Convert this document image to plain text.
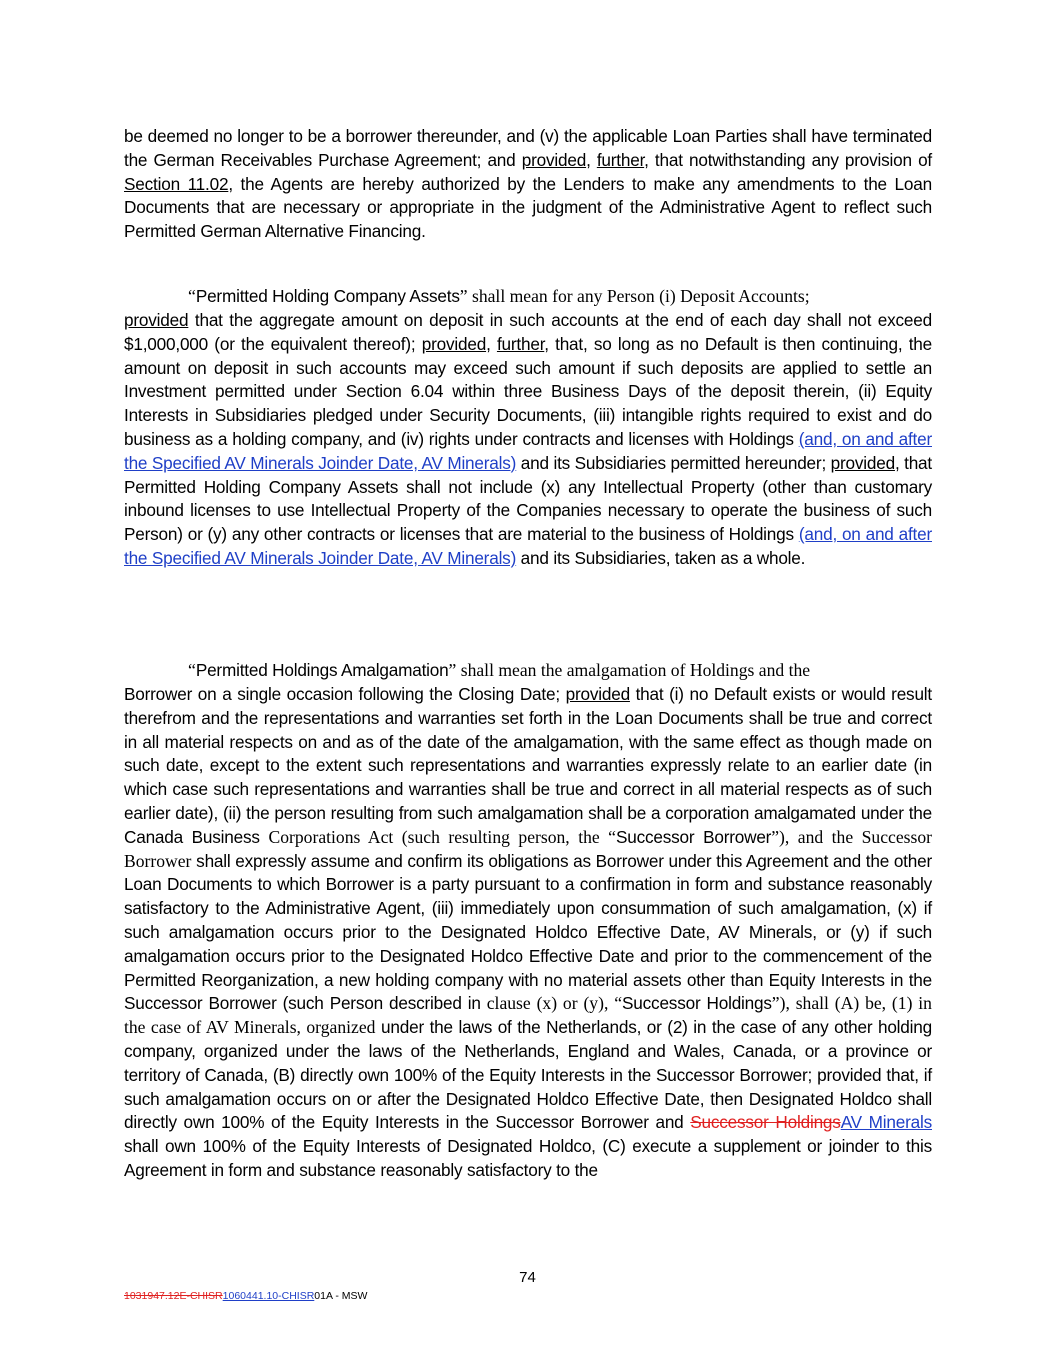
be deemed no longer to be a borrower thereunder, and (v) the applicable Loan Parties shall have terminated the German Receivables Purchase Agreement; and provided, further, that notwithstanding any provision of Section 11.02, the Agents are hereby authorized by the Lenders to make any amendments to the Loan Documents that are necessary or appropriate in the judgment of the Administrative Agent to reflect such Permitted German Alternative Financing.

“Permitted Holding Company Assets” shall mean for any Person (i) Deposit Accounts;

provided that the aggregate amount on deposit in such accounts at the end of each day shall not exceed $1,000,000 (or the equivalent thereof); provided, further, that, so long as no Default is then continuing, the amount on deposit in such accounts may exceed such amount if such deposits are applied to settle an Investment permitted under Section 6.04 within three Business Days of the deposit therein, (ii) Equity Interests in Subsidiaries pledged under Security Documents, (iii) intangible rights required to exist and do business as a holding company, and (iv) rights under contracts and licenses with Holdings (and, on and after the Specified AV Minerals Joinder Date, AV Minerals) and its Subsidiaries permitted hereunder; provided, that Permitted Holding Company Assets shall not include (x) any Intellectual Property (other than customary inbound licenses to use Intellectual Property of the Companies necessary to operate the business of such Person) or (y) any other contracts or licenses that are material to the business of Holdings (and, on and after the Specified AV Minerals Joinder Date, AV Minerals) and its Subsidiaries, taken as a whole.

“Permitted Holdings Amalgamation” shall mean the amalgamation of Holdings and the

Borrower on a single occasion following the Closing Date; provided that (i) no Default exists or would result therefrom and the representations and warranties set forth in the Loan Documents shall be true and correct in all material respects on and as of the date of the amalgamation, with the same effect as though made on such date, except to the extent such representations and warranties expressly relate to an earlier date (in which case such representations and warranties shall be true and correct in all material respects as of such earlier date), (ii) the person resulting from such amalgamation shall be a corporation amalgamated under the Canada Business Corporations Act (such resulting person, the “Successor Borrower”), and the Successor Borrower shall expressly assume and confirm its obligations as Borrower under this Agreement and the other Loan Documents to which Borrower is a party pursuant to a confirmation in form and substance reasonably satisfactory to the Administrative Agent, (iii) immediately upon consummation of such amalgamation, (x) if such amalgamation occurs prior to the Designated Holdco Effective Date, AV Minerals, or (y) if such amalgamation occurs prior to the Designated Holdco Effective Date and prior to the commencement of the Permitted Reorganization, a new holding company with no material assets other than Equity Interests in the Successor Borrower (such Person described in clause (x) or (y), “Successor Holdings”), shall (A) be, (1) in the case of AV Minerals, organized under the laws of the Netherlands, or (2) in the case of any other holding company, organized under the laws of the Netherlands, England and Wales, Canada, or a province or territory of Canada, (B) directly own 100% of the Equity Interests in the Successor Borrower; provided that, if such amalgamation occurs on or after the Designated Holdco Effective Date, then Designated Holdco shall directly own 100% of the Equity Interests in the Successor Borrower and Successor HoldingsAV Minerals shall own 100% of the Equity Interests of Designated Holdco, (C) execute a supplement or joinder to this Agreement in form and substance reasonably satisfactory to the

74
1031947.12E-CHISR1060441.10-CHISR01A - MSW
